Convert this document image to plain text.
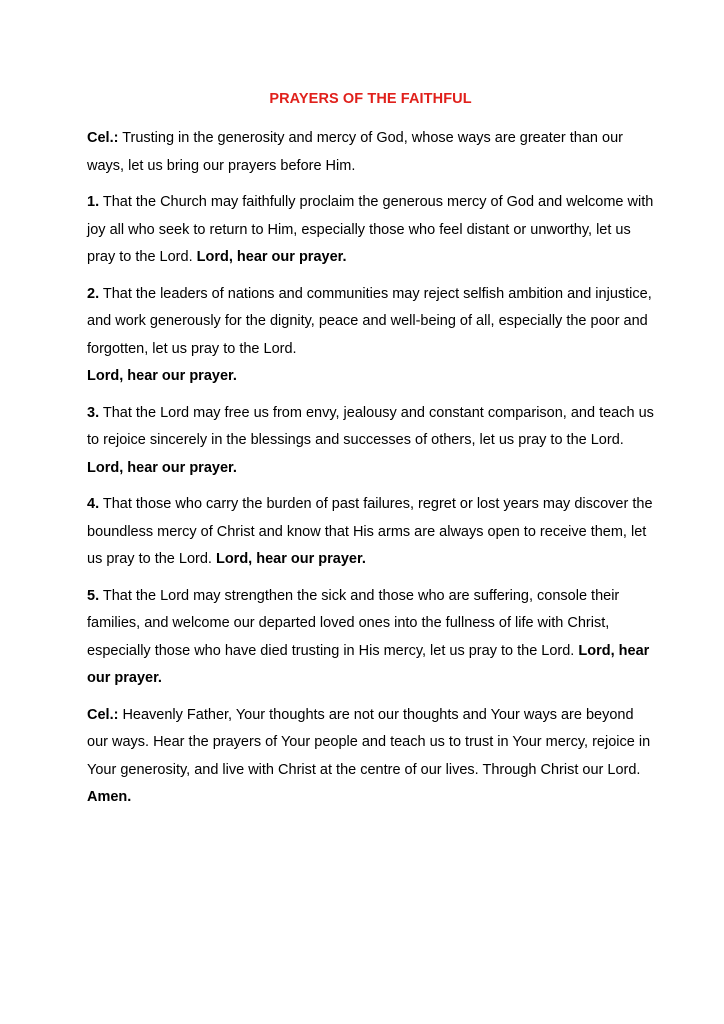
PRAYERS OF THE FAITHFUL

Cel.: Trusting in the generosity and mercy of God, whose ways are greater than our ways, let us bring our prayers before Him.

1. That the Church may faithfully proclaim the generous mercy of God and welcome with joy all who seek to return to Him, especially those who feel distant or unworthy, let us pray to the Lord. Lord, hear our prayer.

2. That the leaders of nations and communities may reject selfish ambition and injustice, and work generously for the dignity, peace and well-being of all, especially the poor and forgotten, let us pray to the Lord.
Lord, hear our prayer.

3. That the Lord may free us from envy, jealousy and constant comparison, and teach us to rejoice sincerely in the blessings and successes of others, let us pray to the Lord. Lord, hear our prayer.

4. That those who carry the burden of past failures, regret or lost years may discover the boundless mercy of Christ and know that His arms are always open to receive them, let us pray to the Lord. Lord, hear our prayer.

5. That the Lord may strengthen the sick and those who are suffering, console their families, and welcome our departed loved ones into the fullness of life with Christ, especially those who have died trusting in His mercy, let us pray to the Lord. Lord, hear our prayer.

Cel.: Heavenly Father, Your thoughts are not our thoughts and Your ways are beyond our ways. Hear the prayers of Your people and teach us to trust in Your mercy, rejoice in Your generosity, and live with Christ at the centre of our lives. Through Christ our Lord.
Amen.
